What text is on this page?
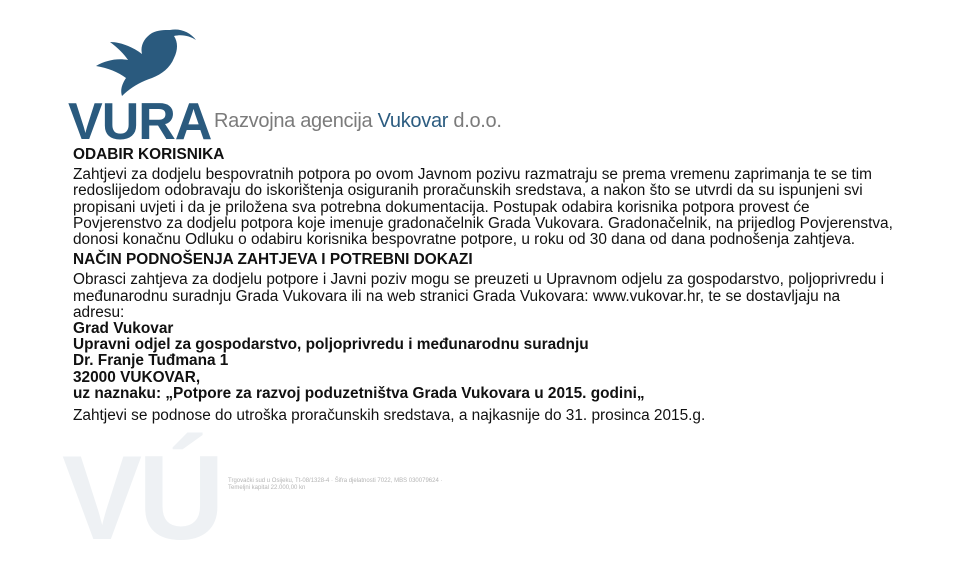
VURA Razvojna agencija Vukovar d.o.o.
VÚ Trgovački sud u Osijeku, Tt-08/1328-4 · Šifra djelatnosti 7022, MBS 030079624 · Temeljni kapital 22.000,00 kn

ODABIR KORISNIKA

Zahtjevi za dodjelu bespovratnih potpora po ovom Javnom pozivu razmatraju se prema vremenu zaprimanja te se tim redoslijedom odobravaju do iskorištenja osiguranih proračunskih sredstava, a nakon što se utvrdi da su ispunjeni svi propisani uvjeti i da je priložena sva potrebna dokumentacija. Postupak odabira korisnika potpora provest će Povjerenstvo za dodjelu potpora koje imenuje gradonačelnik Grada Vukovara. Gradonačelnik, na prijedlog Povjerenstva, donosi konačnu Odluku o odabiru korisnika bespovratne potpore, u roku od 30 dana od dana podnošenja zahtjeva.

NAČIN PODNOŠENJA ZAHTJEVA I POTREBNI DOKAZI

Obrasci zahtjeva za dodjelu potpore i Javni poziv mogu se preuzeti u Upravnom odjelu za gospodarstvo, poljoprivredu i međunarodnu suradnju Grada Vukovara ili na web stranici Grada Vukovara: www.vukovar.hr, te se dostavljaju na adresu:

Grad Vukovar

Upravni odjel za gospodarstvo, poljoprivredu i međunarodnu suradnju

Dr. Franje Tuđmana 1

32000 VUKOVAR,

uz naznaku: „Potpore za razvoj poduzetništva Grada Vukovara u 2015. godini„

Zahtjevi se podnose do utroška proračunskih sredstava, a najkasnije do 31. prosinca 2015.g.
